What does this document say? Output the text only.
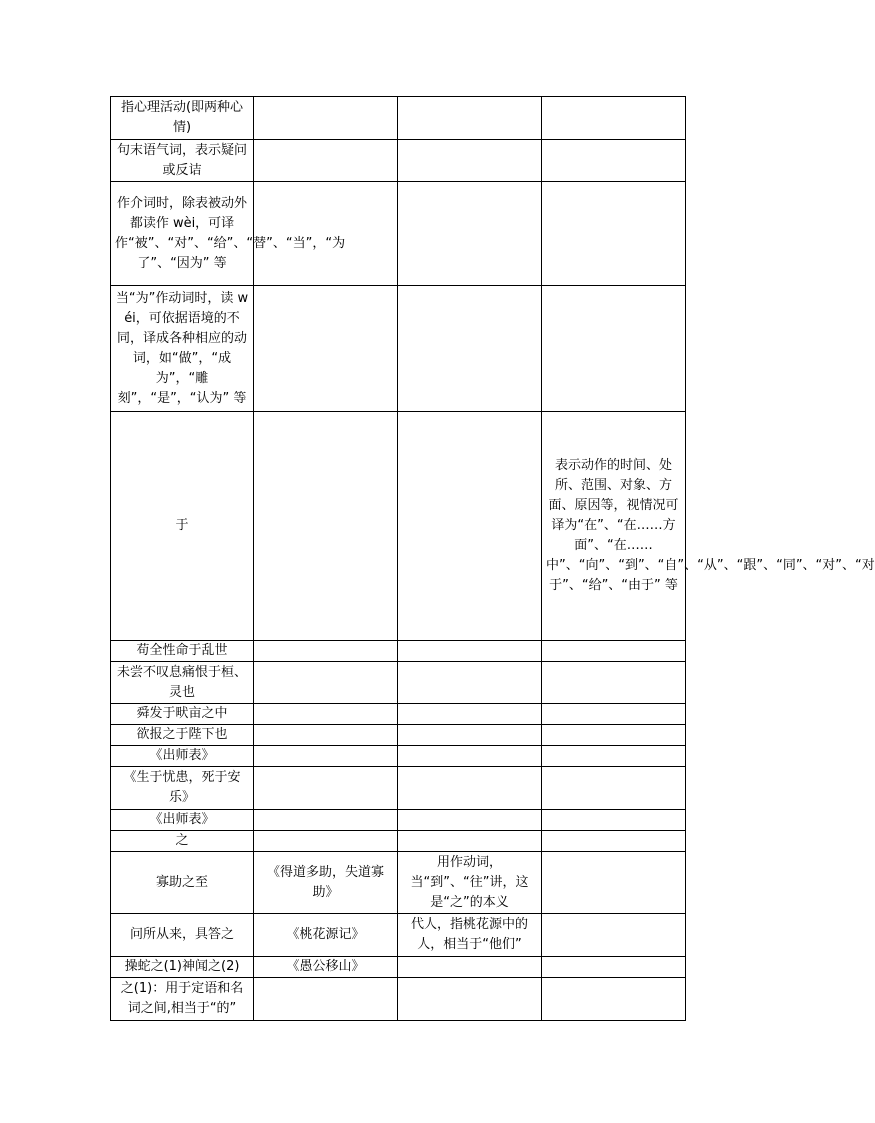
指心理活动(即两种心情)			
句末语气词，表示疑问或反诘			
作介词时，除表被动外都读作 wèi，可译作“被”、“对”、“给”、“替”、“当”，“为了”、“因为” 等			
当“为”作动词时，读 wéi，可依据语境的不同，译成各种相应的动词，如“做”，“成为”，“雕刻”，“是”，“认为” 等			
于			表示动作的时间、处所、范围、对象、方面、原因等，视情况可译为“在”、“在……方面”、“在……中”、“向”、“到”、“自”、“从”、“跟”、“同”、“对”、“对于”、“给”、“由于” 等
苟全性命于乱世			
未尝不叹息痛恨于桓、灵也			
舜发于畎亩之中			
欲报之于陛下也			
《出师表》			
《生于忧患，死于安乐》			
《出师表》			
之			
寡助之至	《得道多助，失道寡助》	用作动词，当“到”、“往”讲，这是“之”的本义	
问所从来，具答之	《桃花源记》	代人，指桃花源中的人，相当于“他们”	
操蛇之(1)神闻之(2)	《愚公移山》		
之(1)：用于定语和名词之间,相当于“的”			
